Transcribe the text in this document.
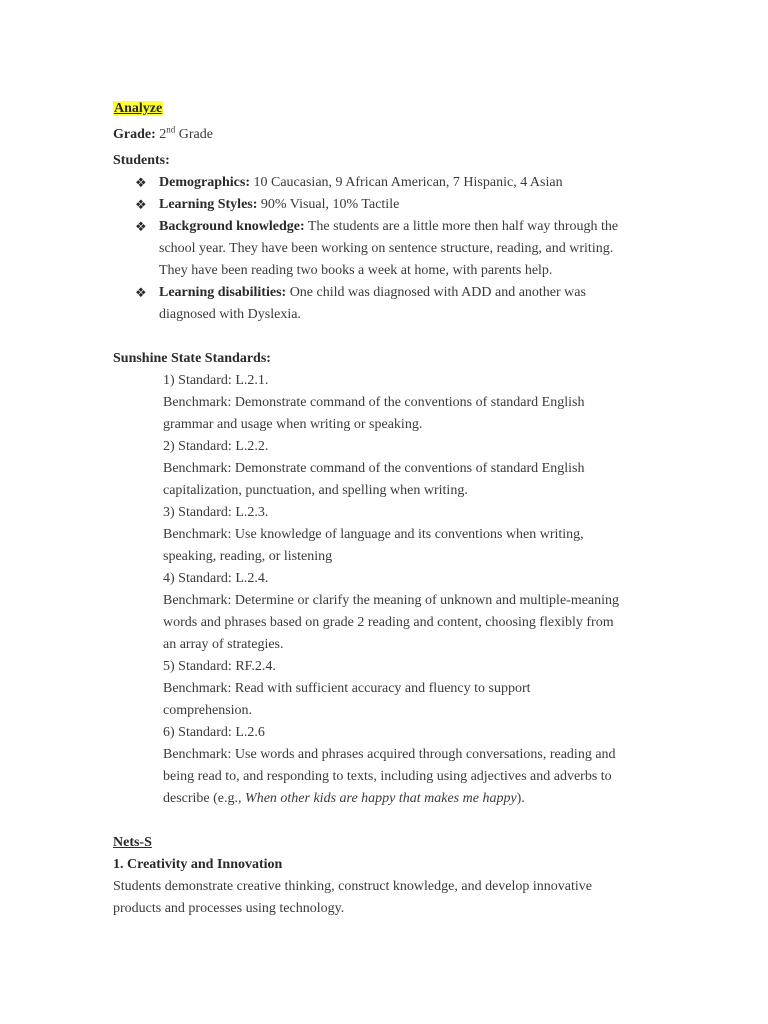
Analyze
Grade: 2nd Grade
Students:
❖ Demographics: 10 Caucasian, 9 African American, 7 Hispanic, 4 Asian
❖ Learning Styles: 90% Visual, 10% Tactile
❖ Background knowledge: The students are a little more then half way through the
school year. They have been working on sentence structure, reading, and writing.
They have been reading two books a week at home, with parents help.
❖ Learning disabilities: One child was diagnosed with ADD and another was
diagnosed with Dyslexia.
Sunshine State Standards:
1) Standard: L.2.1.
Benchmark: Demonstrate command of the conventions of standard English
grammar and usage when writing or speaking.
2) Standard: L.2.2.
Benchmark: Demonstrate command of the conventions of standard English
capitalization, punctuation, and spelling when writing.
3) Standard: L.2.3.
Benchmark: Use knowledge of language and its conventions when writing,
speaking, reading, or listening
4) Standard: L.2.4.
Benchmark: Determine or clarify the meaning of unknown and multiple-meaning
words and phrases based on grade 2 reading and content, choosing flexibly from
an array of strategies.
5) Standard: RF.2.4.
Benchmark: Read with sufficient accuracy and fluency to support
comprehension.
6) Standard: L.2.6
Benchmark: Use words and phrases acquired through conversations, reading and
being read to, and responding to texts, including using adjectives and adverbs to
describe (e.g., When other kids are happy that makes me happy).
Nets-S
1. Creativity and Innovation
Students demonstrate creative thinking, construct knowledge, and develop innovative
products and processes using technology.
